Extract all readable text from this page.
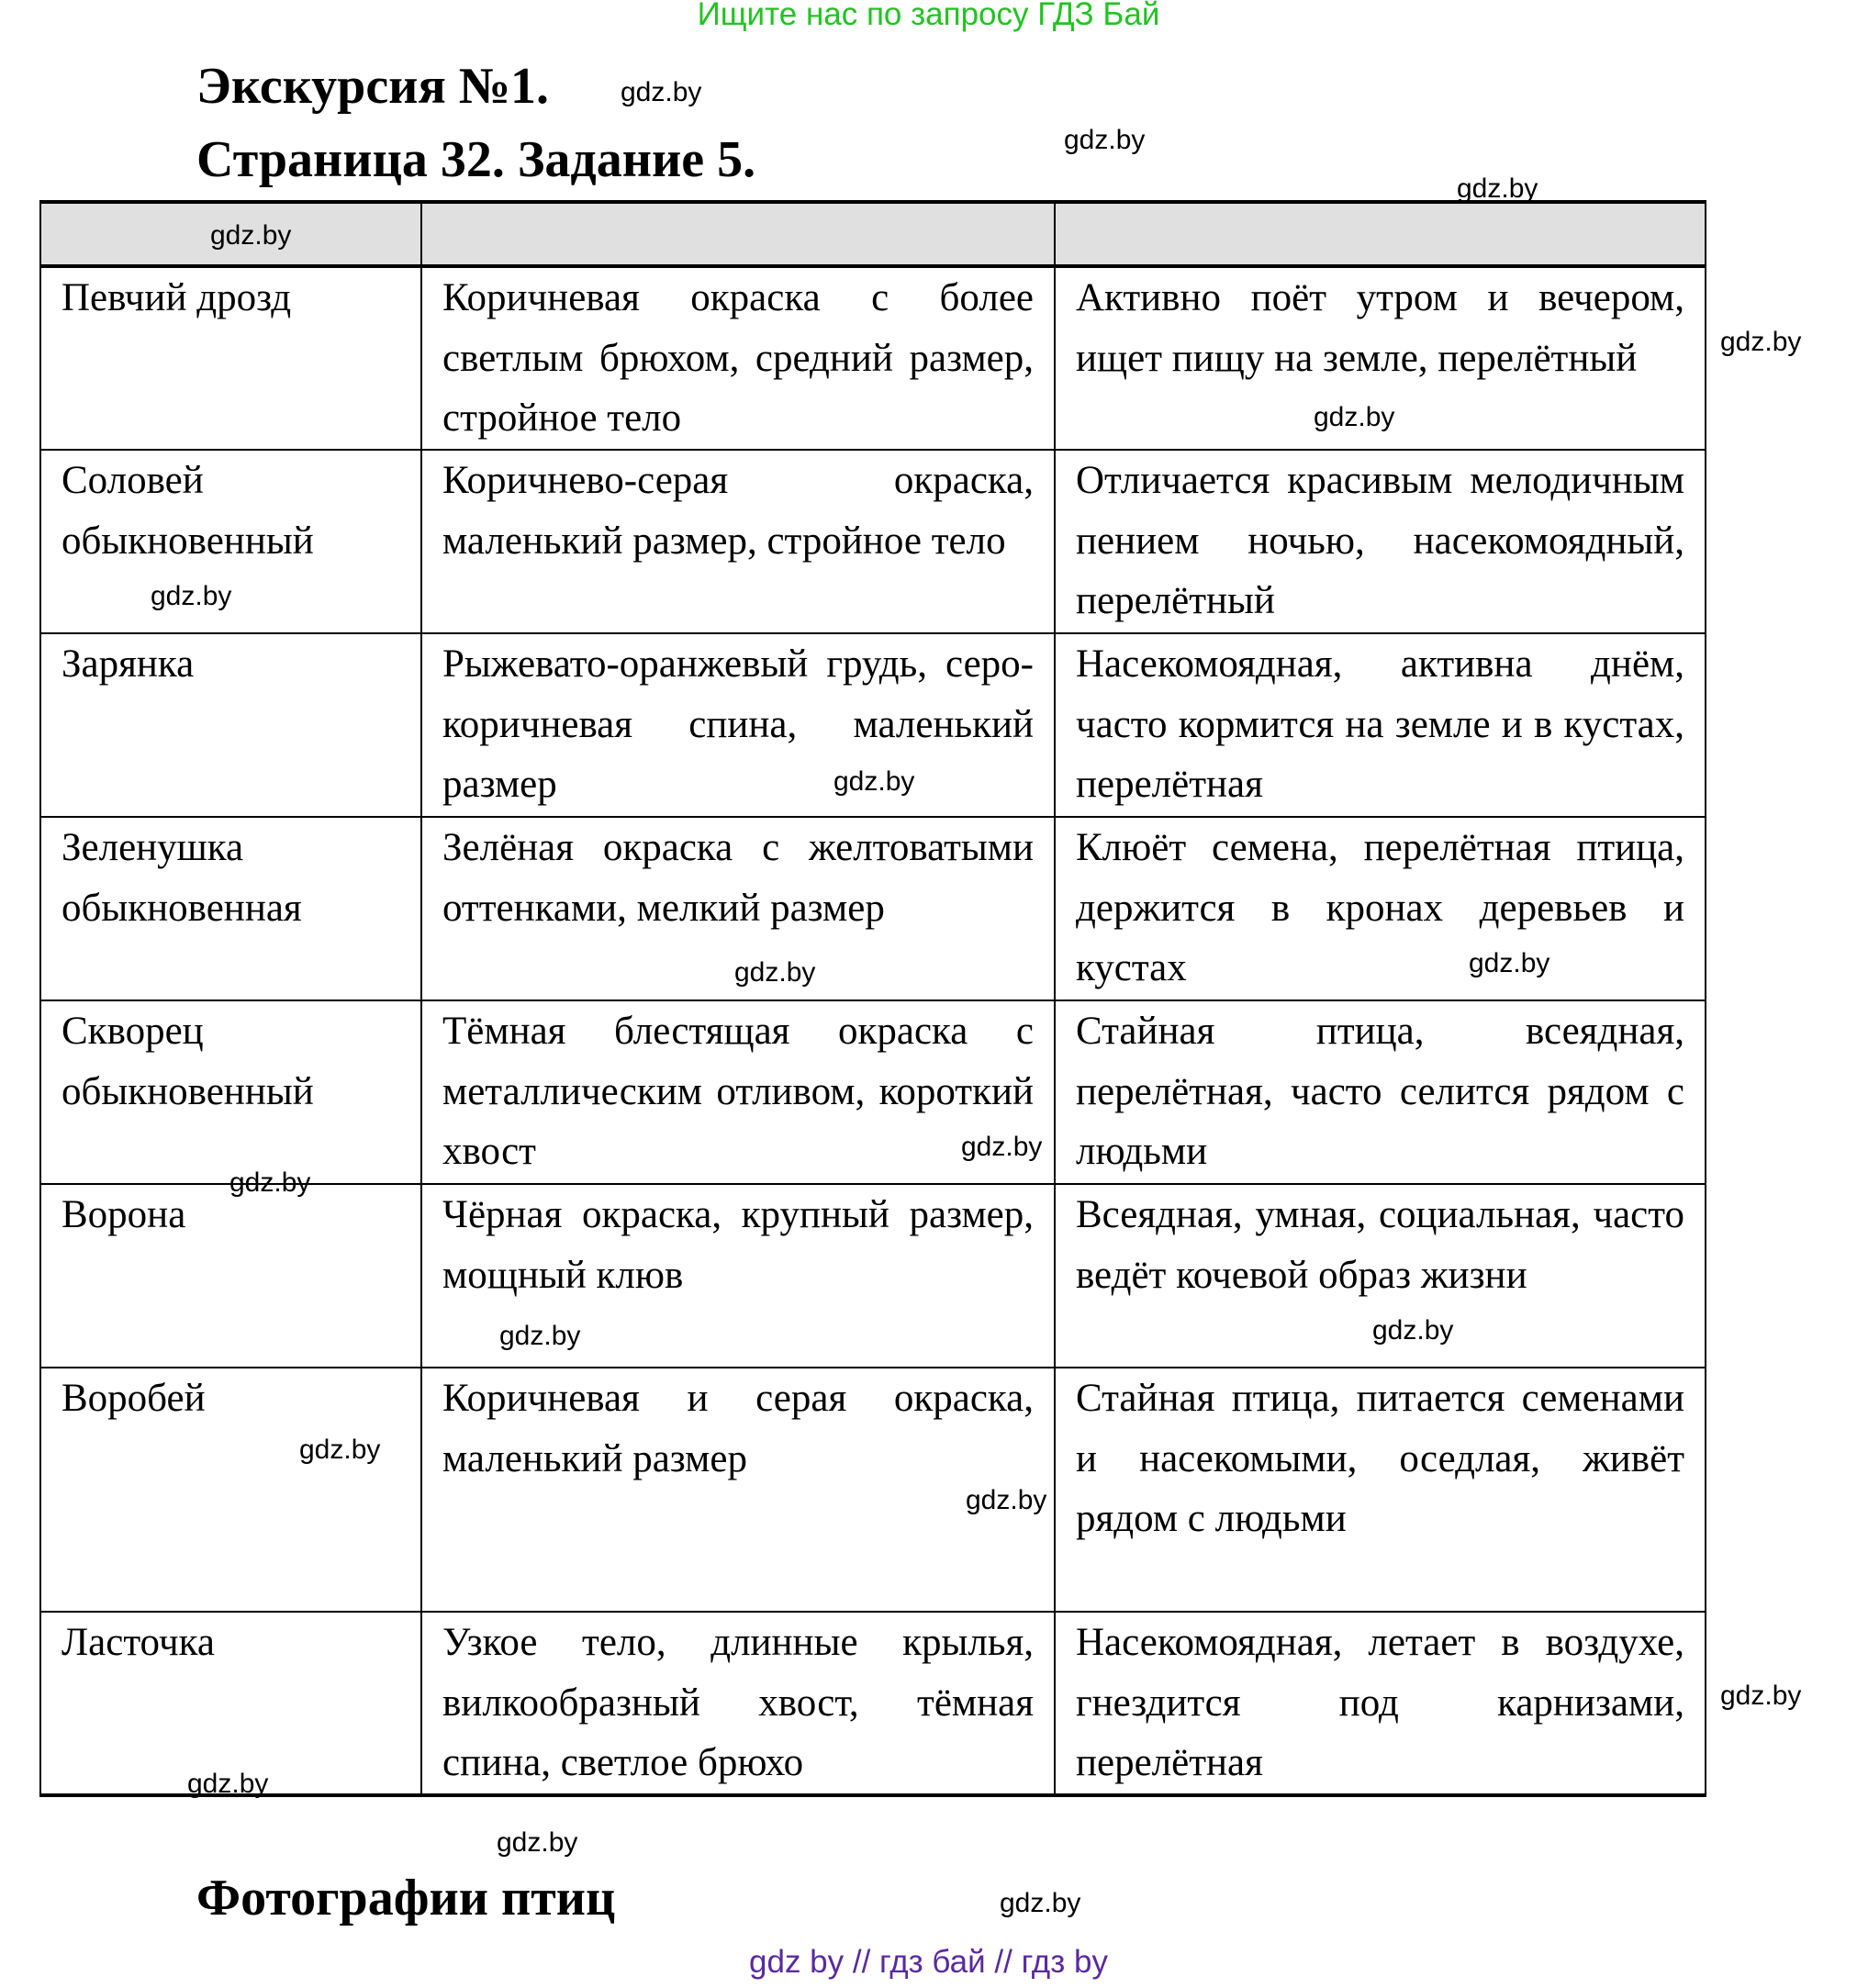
Ищите нас по запросу ГДЗ Бай
Экскурсия №1.
Страница 32. Задание 5.

Певчий дрозд	Коричневая окраска с более светлым брюхом, средний размер, стройное тело	Активно поёт утром и вечером, ищет пищу на земле, перелётный
Соловей обыкновенный	Коричнево-серая окраска, маленький размер, стройное тело	Отличается красивым мелодичным пением ночью, насекомоядный, перелётный
Зарянка	Рыжевато-оранжевый грудь, серо-коричневая спина, маленький размер	Насекомоядная, активна днём, часто кормится на земле и в кустах, перелётная
Зеленушка обыкновенная	Зелёная окраска с желтоватыми оттенками, мелкий размер	Клюёт семена, перелётная птица, держится в кронах деревьев и кустах
Скворец обыкновенный	Тёмная блестящая окраска с металлическим отливом, короткий хвост	Стайная птица, всеядная, перелётная, часто селится рядом с людьми
Ворона	Чёрная окраска, крупный размер, мощный клюв	Всеядная, умная, социальная, часто ведёт кочевой образ жизни
Воробей	Коричневая и серая окраска, маленький размер	Стайная птица, питается семенами и насекомыми, оседлая, живёт рядом с людьми
Ласточка	Узкое тело, длинные крылья, вилкообразный хвост, тёмная спина, светлое брюхо	Насекомоядная, летает в воздухе, гнездится под карнизами, перелётная
Фотографии птиц
gdz.by
gdz.by
gdz.by
gdz.by
gdz.by
gdz.by
gdz.by
gdz.by
gdz.by
gdz.by
gdz.by
gdz.by
gdz.by
gdz.by
gdz.by
gdz.by
gdz.by
gdz.by
gdz.by
gdz.by
gdz by // гдз бай // гдз by
